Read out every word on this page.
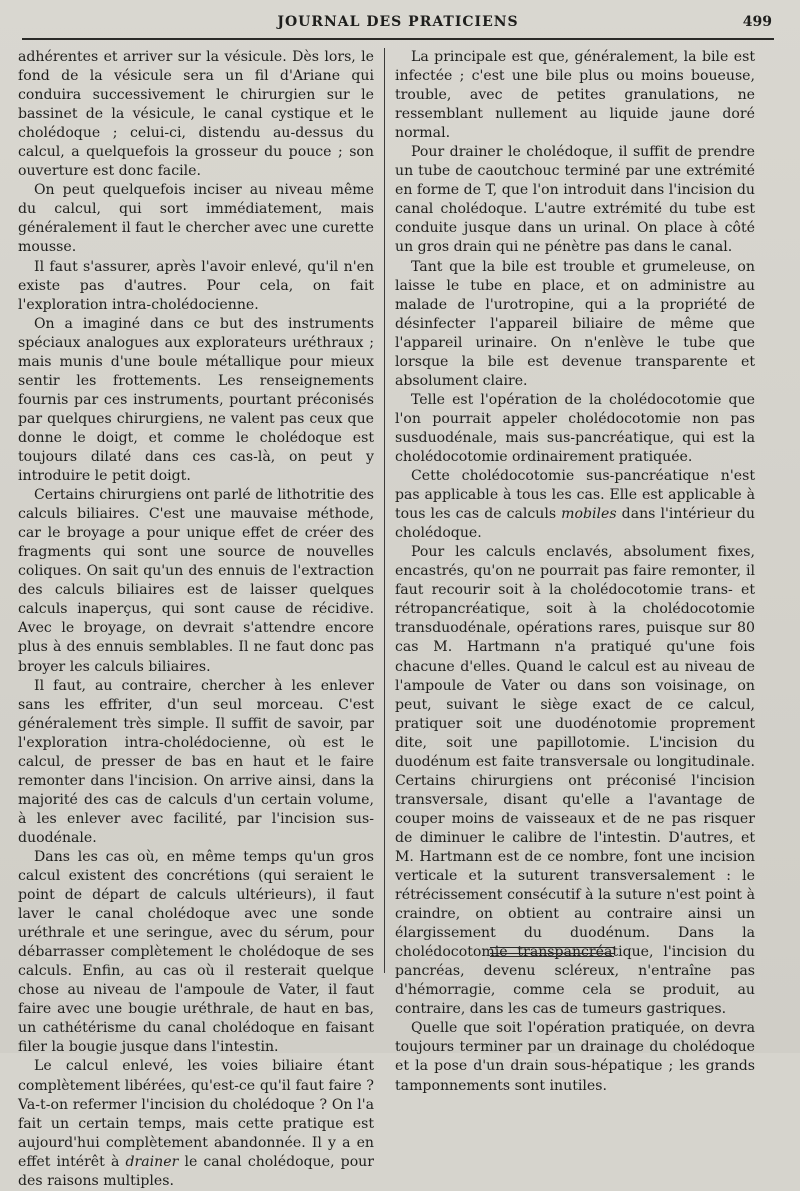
JOURNAL DES PRATICIENS	499

adhérentes et arriver sur la vésicule. Dès lors, le fond de la vésicule sera un fil d'Ariane qui conduira successivement le chirurgien sur le bassinet de la vésicule, le canal cystique et le cholédoque ; celui-ci, distendu au-dessus du calcul, a quelquefois la grosseur du pouce ; son ouverture est donc facile.

On peut quelquefois inciser au niveau même du calcul, qui sort immédiatement, mais généralement il faut le chercher avec une curette mousse.

Il faut s'assurer, après l'avoir enlevé, qu'il n'en existe pas d'autres. Pour cela, on fait l'exploration intra-cholédocienne.

On a imaginé dans ce but des instruments spéciaux analogues aux explorateurs uréthraux ; mais munis d'une boule métallique pour mieux sentir les frottements. Les renseignements fournis par ces instruments, pourtant préconisés par quelques chirurgiens, ne valent pas ceux que donne le doigt, et comme le cholédoque est toujours dilaté dans ces cas-là, on peut y introduire le petit doigt.

Certains chirurgiens ont parlé de lithotritie des calculs biliaires. C'est une mauvaise méthode, car le broyage a pour unique effet de créer des fragments qui sont une source de nouvelles coliques. On sait qu'un des ennuis de l'extraction des calculs biliaires est de laisser quelques calculs inaperçus, qui sont cause de récidive. Avec le broyage, on devrait s'attendre encore plus à des ennuis semblables. Il ne faut donc pas broyer les calculs biliaires.

Il faut, au contraire, chercher à les enlever sans les effriter, d'un seul morceau. C'est généralement très simple. Il suffit de savoir, par l'exploration intra-cholédocienne, où est le calcul, de presser de bas en haut et le faire remonter dans l'incision. On arrive ainsi, dans la majorité des cas de calculs d'un certain volume, à les enlever avec facilité, par l'incision sus-duodénale.

Dans les cas où, en même temps qu'un gros calcul existent des concrétions (qui seraient le point de départ de calculs ultérieurs), il faut laver le canal cholédoque avec une sonde uréthrale et une seringue, avec du sérum, pour débarrasser complètement le cholédoque de ses calculs. Enfin, au cas où il resterait quelque chose au niveau de l'ampoule de Vater, il faut faire avec une bougie uréthrale, de haut en bas, un cathétérisme du canal cholédoque en faisant filer la bougie jusque dans l'intestin.

Le calcul enlevé, les voies biliaire étant complètement libérées, qu'est-ce qu'il faut faire ? Va-t-on refermer l'incision du cholédoque ? On l'a fait un certain temps, mais cette pratique est aujourd'hui complètement abandonnée. Il y a en effet intérêt à drainer le canal cholédoque, pour des raisons multiples.

La principale est que, généralement, la bile est infectée ; c'est une bile plus ou moins boueuse, trouble, avec de petites granulations, ne ressemblant nullement au liquide jaune doré normal.

Pour drainer le cholédoque, il suffit de prendre un tube de caoutchouc terminé par une extrémité en forme de T, que l'on introduit dans l'incision du canal cholédoque. L'autre extrémité du tube est conduite jusque dans un urinal. On place à côté un gros drain qui ne pénètre pas dans le canal.

Tant que la bile est trouble et grumeleuse, on laisse le tube en place, et on administre au malade de l'urotropine, qui a la propriété de désinfecter l'appareil biliaire de même que l'appareil urinaire. On n'enlève le tube que lorsque la bile est devenue transparente et absolument claire.

Telle est l'opération de la cholédocotomie que l'on pourrait appeler cholédocotomie non pas susduodénale, mais sus-pancréatique, qui est la cholédocotomie ordinairement pratiquée.

Cette cholédocotomie sus-pancréatique n'est pas applicable à tous les cas. Elle est applicable à tous les cas de calculs mobiles dans l'intérieur du cholédoque.

Pour les calculs enclavés, absolument fixes, encastrés, qu'on ne pourrait pas faire remonter, il faut recourir soit à la cholédocotomie trans- et rétropancréatique, soit à la cholédocotomie transduodénale, opérations rares, puisque sur 80 cas M. Hartmann n'a pratiqué qu'une fois chacune d'elles. Quand le calcul est au niveau de l'ampoule de Vater ou dans son voisinage, on peut, suivant le siège exact de ce calcul, pratiquer soit une duodénotomie proprement dite, soit une papillotomie. L'incision du duodénum est faite transversale ou longitudinale. Certains chirurgiens ont préconisé l'incision transversale, disant qu'elle a l'avantage de couper moins de vaisseaux et de ne pas risquer de diminuer le calibre de l'intestin. D'autres, et M. Hartmann est de ce nombre, font une incision verticale et la suturent transversalement : le rétrécissement consécutif à la suture n'est point à craindre, on obtient au contraire ainsi un élargissement du duodénum. Dans la cholédocotomie transpancréatique, l'incision du pancréas, devenu scléreux, n'entraîne pas d'hémorragie, comme cela se produit, au contraire, dans les cas de tumeurs gastriques.

Quelle que soit l'opération pratiquée, on devra toujours terminer par un drainage du cholédoque et la pose d'un drain sous-hépatique ; les grands tamponnements sont inutiles.
